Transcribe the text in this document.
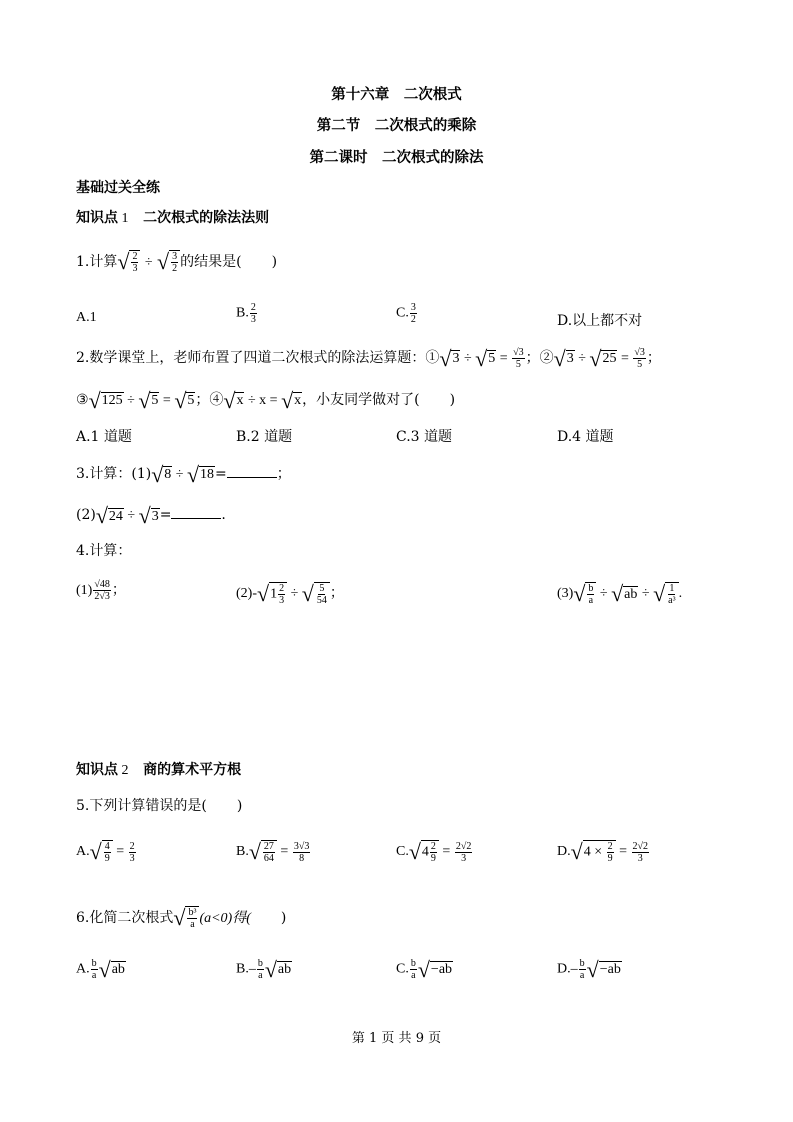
第十六章　二次根式
第二节　二次根式的乘除
第二课时　二次根式的除法
基础过关全练
知识点 1 二次根式的除法法则
1.计算√ $\frac{2}{3}$ ÷ √ $\frac{3}{2}$ 的结果是( )
A.1	B. $\frac{2}{3}$	C. $\frac{3}{2}$	D.以上都不对
2.数学课堂上，老师布置了四道二次根式的除法运算题：①√3 ÷ $√5 = \frac{√3}{5}$ ；②√3 ÷ $√25 = \frac{√3}{5}$ ；
③√125 ÷ √5 = √5；④√x ÷ x = √x，小友同学做对了( )
A.1 道题	B.2 道题	C.3 道题	D.4 道题
3.计算：(1)√8 ÷ √18=	；
(2)√24 ÷ √3=	.
4.计算：
$(1) \frac{√48}{2√3}$ ；	$(2)-√1 \frac{2}{3}$ ÷ √ $\frac{5}{54}$ ；	$(3)√ \frac{b}{a} \div √ab$ ÷ √ $\frac{1}{\text{a³}}$ .
知识点 2 商的算术平方根
5.下列计算错误的是( )
$A.√ \frac{4}{9} = \frac{2}{3}$	$B.√ \frac{27}{64} = \frac{3√3}{8}$	$C.√4 \frac{2}{9} = \frac{2√2}{3}$	$D.√4 \times \frac{2}{9} = \frac{2√2}{3}$
6.化简二次根式√ $\frac{\text{b³}}{a} (a<0)$得( )
A. $\frac{b}{a} √ab$	$B.- \frac{b}{a} √ab$	C. $\frac{b}{a} √-ab$	$D.- \frac{b}{a} √-ab$
第 1 页 共 9 页
